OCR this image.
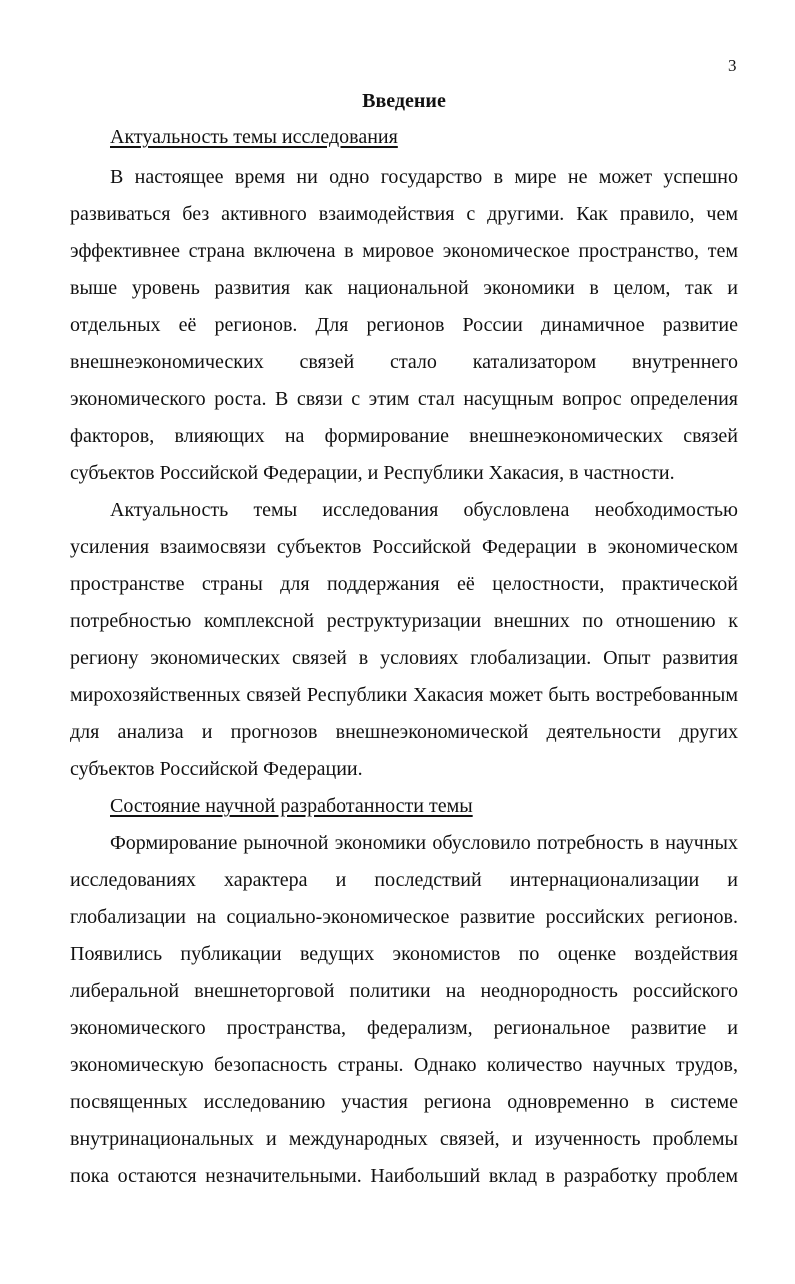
3
Введение
Актуальность темы исследования
В настоящее время ни одно государство в мире не может успешно
развиваться без активного взаимодействия с другими. Как правило, чем
эффективнее страна включена в мировое экономическое пространство, тем
выше уровень развития как национальной экономики в целом, так и
отдельных её регионов. Для регионов России динамичное развитие
внешнеэкономических связей стало катализатором внутреннего
экономического роста. В связи с этим стал насущным вопрос определения
факторов, влияющих на формирование внешнеэкономических связей
субъектов Российской Федерации, и Республики Хакасия, в частности.
Актуальность темы исследования обусловлена необходимостью
усиления взаимосвязи субъектов Российской Федерации в экономическом
пространстве страны для поддержания её целостности, практической
потребностью комплексной реструктуризации внешних по отношению к
региону экономических связей в условиях глобализации. Опыт развития
мирохозяйственных связей Республики Хакасия может быть востребованным
для анализа и прогнозов внешнеэкономической деятельности других
субъектов Российской Федерации.
Состояние научной разработанности темы
Формирование рыночной экономики обусловило потребность в научных
исследованиях характера и последствий интернационализации и
глобализации на социально-экономическое развитие российских регионов.
Появились публикации ведущих экономистов по оценке воздействия
либеральной внешнеторговой политики на неоднородность российского
экономического пространства, федерализм, региональное развитие и
экономическую безопасность страны. Однако количество научных трудов,
посвященных исследованию участия региона одновременно в системе
внутринациональных и международных связей, и изученность проблемы
пока остаются незначительными. Наибольший вклад в разработку проблем
